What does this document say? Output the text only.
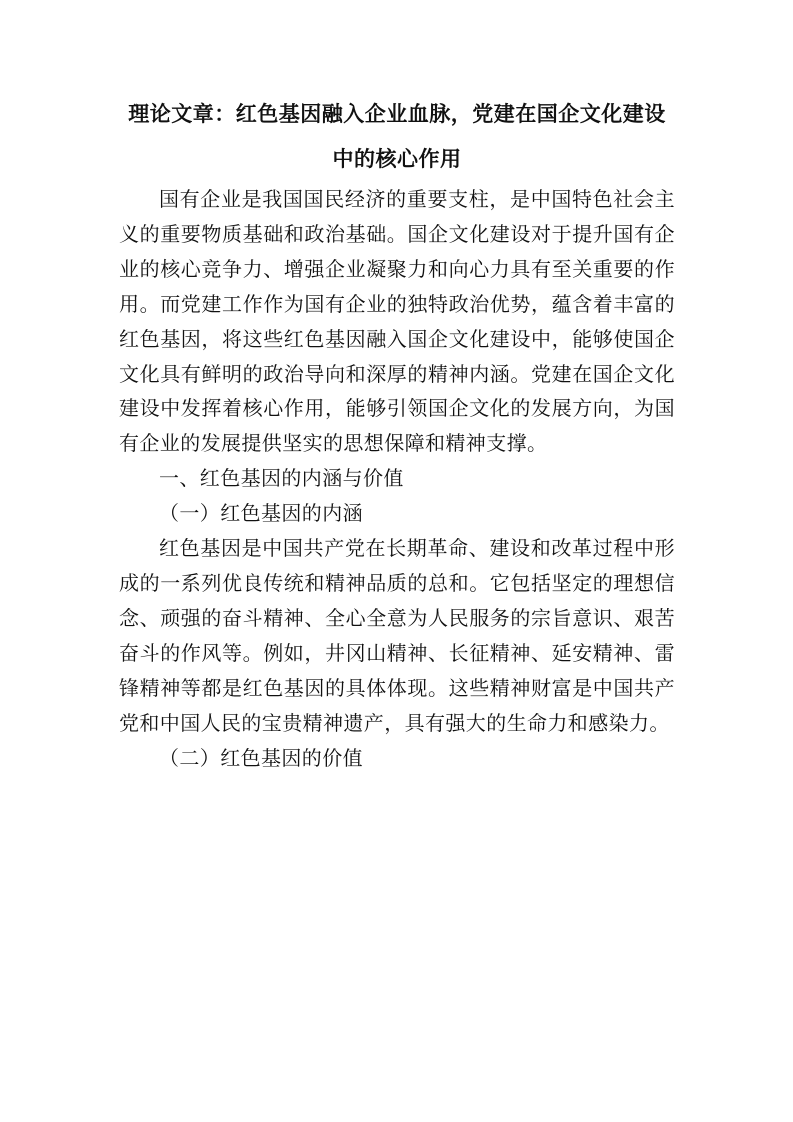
理论文章：红色基因融入企业血脉，党建在国企文化建设中的核心作用

国有企业是我国国民经济的重要支柱，是中国特色社会主义的重要物质基础和政治基础。国企文化建设对于提升国有企业的核心竞争力、增强企业凝聚力和向心力具有至关重要的作用。而党建工作作为国有企业的独特政治优势，蕴含着丰富的红色基因，将这些红色基因融入国企文化建设中，能够使国企文化具有鲜明的政治导向和深厚的精神内涵。党建在国企文化建设中发挥着核心作用，能够引领国企文化的发展方向，为国有企业的发展提供坚实的思想保障和精神支撑。

一、红色基因的内涵与价值

（一）红色基因的内涵

红色基因是中国共产党在长期革命、建设和改革过程中形成的一系列优良传统和精神品质的总和。它包括坚定的理想信念、顽强的奋斗精神、全心全意为人民服务的宗旨意识、艰苦奋斗的作风等。例如，井冈山精神、长征精神、延安精神、雷锋精神等都是红色基因的具体体现。这些精神财富是中国共产党和中国人民的宝贵精神遗产，具有强大的生命力和感染力。

（二）红色基因的价值
